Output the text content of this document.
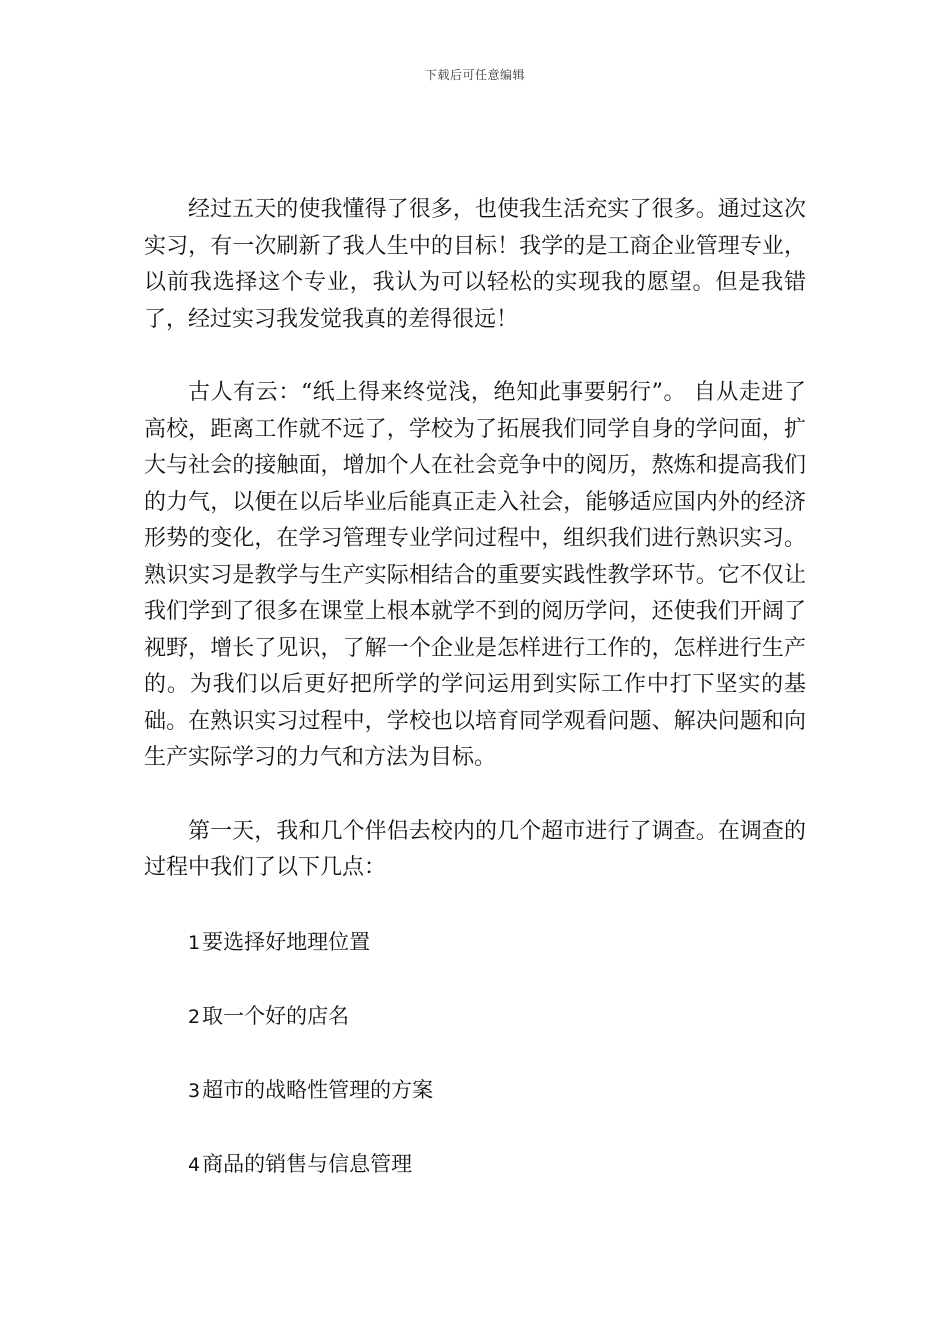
下载后可任意编辑

经过五天的使我懂得了很多，也使我生活充实了很多。通过这次实习，有一次刷新了我人生中的目标！我学的是工商企业管理专业，以前我选择这个专业，我认为可以轻松的实现我的愿望。但是我错了，经过实习我发觉我真的差得很远！

古人有云：“纸上得来终觉浅，绝知此事要躬行”。 自从走进了高校，距离工作就不远了，学校为了拓展我们同学自身的学问面，扩大与社会的接触面，增加个人在社会竞争中的阅历，熬炼和提高我们的力气，以便在以后毕业后能真正走入社会，能够适应国内外的经济形势的变化，在学习管理专业学问过程中，组织我们进行熟识实习。熟识实习是教学与生产实际相结合的重要实践性教学环节。它不仅让我们学到了很多在课堂上根本就学不到的阅历学问，还使我们开阔了视野，增长了见识，了解一个企业是怎样进行工作的，怎样进行生产的。为我们以后更好把所学的学问运用到实际工作中打下坚实的基础。在熟识实习过程中，学校也以培育同学观看问题、解决问题和向生产实际学习的力气和方法为目标。

第一天，我和几个伴侣去校内的几个超市进行了调查。在调查的过程中我们了以下几点：

1要选择好地理位置
2取一个好的店名
3超市的战略性管理的方案
4商品的销售与信息管理
